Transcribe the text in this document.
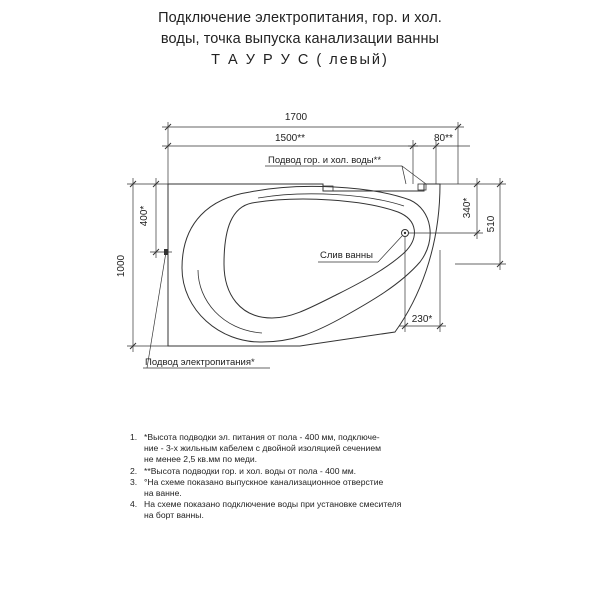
Подключение электропитания, гор. и хол.
воды, точка выпуска канализации ванны
Т А У Р У С ( левый)
1700
1500**	80**
Подвод гор. и хол. воды**
1000
400*
Подвод электропитания*
340*
510
230*
Слив ванны
1. *Высота подводки эл. питания от пола - 400 мм, подключе-
ние - 3-х жильным кабелем с двойной изоляцией сечением
не менее 2,5 кв.мм по меди.
2. **Высота подводки гор. и хол. воды от пола - 400 мм.
3. °На схеме показано выпускное канализационное отверстие
на ванне.
4. На схеме показано подключение воды при установке смесителя
на борт ванны.
